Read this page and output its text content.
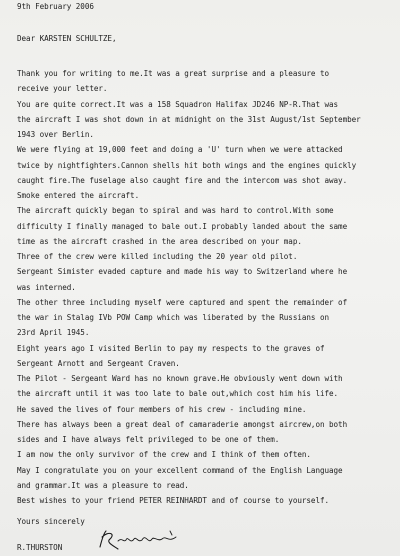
9th February 2006
Dear KARSTEN SCHULTZE,
Thank you for writing to me.It was a great surprise and a pleasure to
receive your letter.
You are quite correct.It was a 158 Squadron Halifax JD246 NP-R.That was
the aircraft I was shot down in at midnight on the 31st August/1st September
1943 over Berlin.
We were flying at 19,000 feet and doing a 'U' turn when we were attacked
twice by nightfighters.Cannon shells hit both wings and the engines quickly
caught fire.The fuselage also caught fire and the intercom was shot away.
Smoke entered the aircraft.
The aircraft quickly began to spiral and was hard to control.With some
difficulty I finally managed to bale out.I probably landed about the same
time as the aircraft crashed in the area described on your map.
Three of the crew were killed including the 20 year old pilot.
Sergeant Simister evaded capture and made his way to Switzerland where he
was interned.
The other three including myself were captured and spent the remainder of
the war in Stalag IVb POW Camp which was liberated by the Russians on
23rd April 1945.
Eight years ago I visited Berlin to pay my respects to the graves of
Sergeant Arnott and Sergeant Craven.
The Pilot - Sergeant Ward has no known grave.He obviously went down with
the aircraft until it was too late to bale out,which cost him his life.
He saved the lives of four members of his crew - including mine.
There has always been a great deal of camaraderie amongst aircrew,on both
sides and I have always felt privileged to be one of them.
I am now the only survivor of the crew and I think of them often.
May I congratulate you on your excellent command of the English Language
and grammar.It was a pleasure to read.
Best wishes to your friend PETER REINHARDT and of course to yourself.
Yours sincerely
R.THURSTON
